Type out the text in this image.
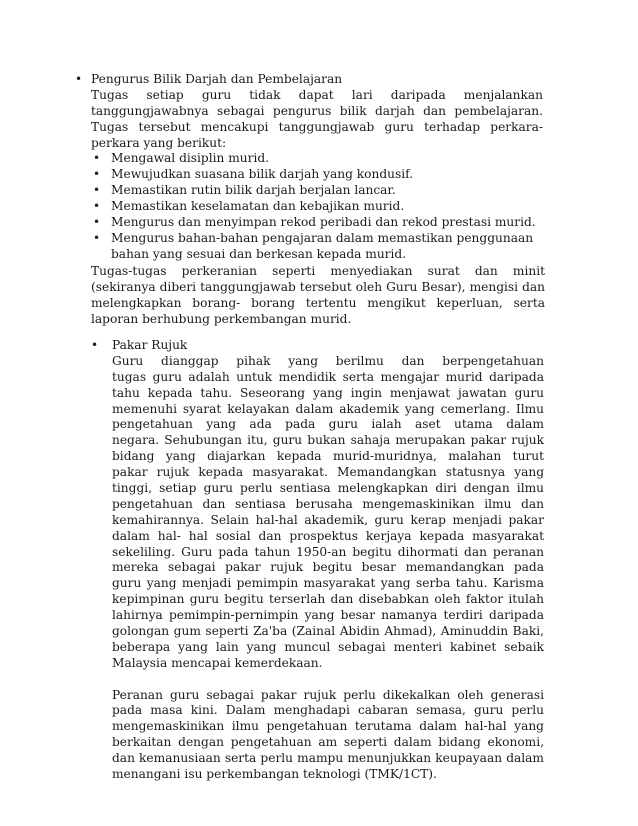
• Pengurus Bilik Darjah dan Pembelajaran
Tugas setiap guru tidak dapat lari daripada menjalankan
tanggungjawabnya sebagai pengurus bilik darjah dan pembelajaran.
Tugas tersebut mencakupi tanggungjawab guru terhadap perkara-
perkara yang berikut:
• Mengawal disiplin murid.
• Mewujudkan suasana bilik darjah yang kondusif.
• Memastikan rutin bilik darjah berjalan lancar.
• Memastikan keselamatan dan kebajikan murid.
• Mengurus dan menyimpan rekod peribadi dan rekod prestasi murid.
• Mengurus bahan-bahan pengajaran dalam memastikan penggunaan
bahan yang sesuai dan berkesan kepada murid.
Tugas-tugas perkeranian seperti menyediakan surat dan minit
(sekiranya diberi tanggungjawab tersebut oleh Guru Besar), mengisi dan
melengkapkan borang- borang tertentu mengikut keperluan, serta
laporan berhubung perkembangan murid.
• Pakar Rujuk
Guru dianggap pihak yang berilmu dan berpengetahuan
tugas guru adalah untuk mendidik serta mengajar murid daripada
tahu kepada tahu. Seseorang yang ingin menjawat jawatan guru
memenuhi syarat kelayakan dalam akademik yang cemerlang. Ilmu
pengetahuan yang ada pada guru ialah aset utama dalam
negara. Sehubungan itu, guru bukan sahaja merupakan pakar rujuk
bidang yang diajarkan kepada murid-muridnya, malahan turut
pakar rujuk kepada masyarakat. Memandangkan statusnya yang
tinggi, setiap guru perlu sentiasa melengkapkan diri dengan ilmu
pengetahuan dan sentiasa berusaha mengemaskinikan ilmu dan
kemahirannya. Selain hal-hal akademik, guru kerap menjadi pakar
dalam hal- hal sosial dan prospektus kerjaya kepada masyarakat
sekeliling. Guru pada tahun 1950-an begitu dihormati dan peranan
mereka sebagai pakar rujuk begitu besar memandangkan pada
guru yang menjadi pemimpin masyarakat yang serba tahu. Karisma
kepimpinan guru begitu terserlah dan disebabkan oleh faktor itulah
lahirnya pemimpin-pernimpin yang besar namanya terdiri daripada
golongan gum seperti Za'ba (Zainal Abidin Ahmad), Aminuddin Baki,
beberapa yang lain yang muncul sebagai menteri kabinet sebaik
Malaysia mencapai kemerdekaan.
Peranan guru sebagai pakar rujuk perlu dikekalkan oleh generasi
pada masa kini. Dalam menghadapi cabaran semasa, guru perlu
mengemaskinikan ilmu pengetahuan terutama dalam hal-hal yang
berkaitan dengan pengetahuan am seperti dalam bidang ekonomi,
dan kemanusiaan serta perlu mampu menunjukkan keupayaan dalam
menangani isu perkembangan teknologi (TMK/1CT).
